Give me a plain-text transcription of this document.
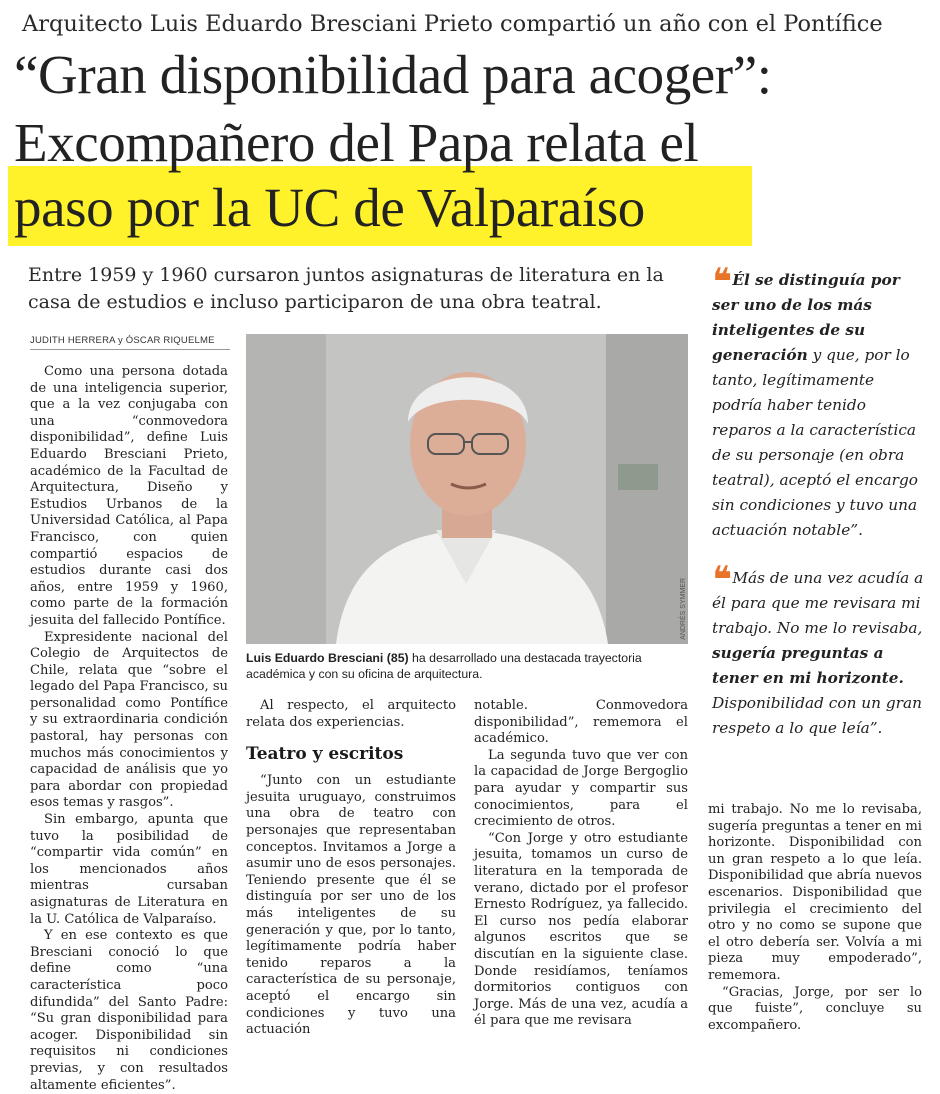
Arquitecto Luis Eduardo Bresciani Prieto compartió un año con el Pontífice
“Gran disponibilidad para acoger”:
Excompañero del Papa relata el
paso por la UC de Valparaíso
Entre 1959 y 1960 cursaron juntos asignaturas de literatura en la casa de estudios e incluso participaron de una obra teatral.
JUDITH HERRERA y ÓSCAR RIQUELME

Como una persona dotada de una inteligencia superior, que a la vez conjugaba con una “conmovedora disponibilidad”, define Luis Eduardo Bresciani Prieto, académico de la Facultad de Arquitectura, Diseño y Estudios Urbanos de la Universidad Católica, al Papa Francisco, con quien compartió espacios de estudios durante casi dos años, entre 1959 y 1960, como parte de la formación jesuita del fallecido Pontífice.

Expresidente nacional del Colegio de Arquitectos de Chile, relata que “sobre el legado del Papa Francisco, su personalidad como Pontífice y su extraordinaria condición pastoral, hay personas con muchos más conocimientos y capacidad de análisis que yo para abordar con propiedad esos temas y rasgos”.

Sin embargo, apunta que tuvo la posibilidad de “compartir vida común” en los mencionados años mientras cursaban asignaturas de Literatura en la U. Católica de Valparaíso.

Y en ese contexto es que Bresciani conoció lo que define como “una característica poco difundida” del Santo Padre: “Su gran disponibilidad para acoger. Disponibilidad sin requisitos ni condiciones previas, y con resultados altamente eficientes”.

ANDRÉS SYMMER
Luis Eduardo Bresciani (85) ha desarrollado una destacada trayectoria académica y con su oficina de arquitectura.

Al respecto, el arquitecto relata dos experiencias.

Teatro y escritos

“Junto con un estudiante jesuita uruguayo, construimos una obra de teatro con personajes que representaban conceptos. Invitamos a Jorge a asumir uno de esos personajes. Teniendo presente que él se distinguía por ser uno de los más inteligentes de su generación y que, por lo tanto, legítimamente podría haber tenido reparos a la característica de su personaje, aceptó el encargo sin condiciones y tuvo una actuación

notable. Conmovedora disponibilidad”, rememora el académico.

La segunda tuvo que ver con la capacidad de Jorge Bergoglio para ayudar y compartir sus conocimientos, para el crecimiento de otros.

“Con Jorge y otro estudiante jesuita, tomamos un curso de literatura en la temporada de verano, dictado por el profesor Ernesto Rodríguez, ya fallecido. El curso nos pedía elaborar algunos escritos que se discutían en la siguiente clase. Donde residíamos, teníamos dormitorios contiguos con Jorge. Más de una vez, acudía a él para que me revisara

mi trabajo. No me lo revisaba, sugería preguntas a tener en mi horizonte. Disponibilidad con un gran respeto a lo que leía. Disponibilidad que abría nuevos escenarios. Disponibilidad que privilegia el crecimiento del otro y no como se supone que el otro debería ser. Volvía a mi pieza muy empoderado”, rememora.

“Gracias, Jorge, por ser lo que fuiste”, concluye su excompañero.

❛❛ Él se distinguía por ser uno de los más inteligentes de su generación y que, por lo tanto, legítimamente podría haber tenido reparos a la característica de su personaje (en obra teatral), aceptó el encargo sin condiciones y tuvo una actuación notable”.
❛❛ Más de una vez acudía a él para que me revisara mi trabajo. No me lo revisaba, sugería preguntas a tener en mi horizonte. Disponibilidad con un gran respeto a lo que leía”.
